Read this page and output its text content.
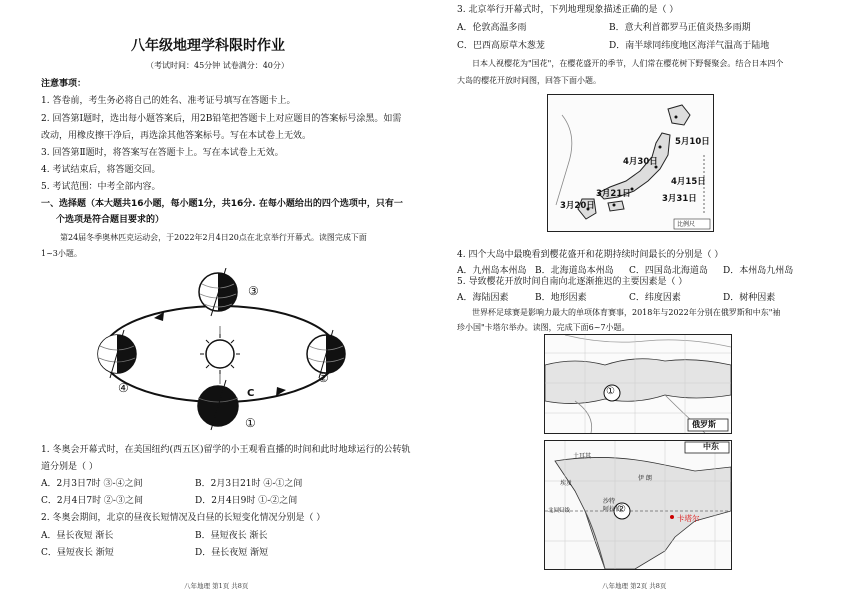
八年级地理学科限时作业
（考试时间：45分钟 试卷满分：40分）
注意事项：
1. 答卷前，考生务必将自己的姓名、准考证号填写在答题卡上。
2. 回答第Ⅰ题时，选出每小题答案后，用2B铅笔把答题卡上对应题目的答案标号涂黑。如需
改动，用橡皮擦干净后，再选涂其他答案标号。写在本试卷上无效。
3. 回答第Ⅱ题时，将答案写在答题卡上。写在本试卷上无效。
4. 考试结束后，将答题交回。
5. 考试范围：中考全部内容。
一、选择题（本大题共16小题，每小题1分，共16分. 在每小题给出的四个选项中，只有一
个选项是符合题目要求的）
第24届冬季奥林匹克运动会，于2022年2月4日20点在北京举行开幕式。读图完成下面
1~3小题。
③
②
④
①
C
1. 冬奥会开幕式时，在美国纽约(西五区)留学的小王观看直播的时间和此时地球运行的公转轨
道分别是（ ）
A．2月3日7时 ③-④之间	B．2月3日21时 ④-①之间
C．2月4日7时 ②-③之间	D．2月4日9时 ①-②之间
2. 冬奥会期间，北京的昼夜长短情况及白昼的长短变化情况分别是（ ）
A．昼长夜短 渐长	B．昼短夜长 渐长
C．昼短夜长 渐短	D．昼长夜短 渐短
八年地理 第1页 共8页
3. 北京举行开幕式时，下列地理现象描述正确的是（ ）
A．伦敦高温多雨	B．意大利首都罗马正值炎热多雨期
C．巴西高原草木葱茏	D．南半球同纬度地区海洋气温高于陆地
日本人视樱花为"国花"，在樱花盛开的季节，人们常在樱花树下野餐聚会。结合日本四个
大岛的樱花开放时间图，回答下面小题。
5月10日
4月30日
4月15日
3月21日	3月31日
3月20日
比例尺
4. 四个大岛中最晚看到樱花盛开和花期持续时间最长的分别是（ ）
A．九州岛本州岛 B．北海道岛本州岛 C．四国岛北海道岛 D．本州岛九州岛
5. 导致樱花开放时间自南向北逐渐推迟的主要因素是（ ）
A．海陆因素	B．地形因素	C．纬度因素	D．树种因素
世界杯足球赛是影响力最大的单项体育赛事，2018年与2022年分别在俄罗斯和中东"袖
珍小国"卡塔尔举办。读图，完成下面6~7小题。
①
俄罗斯
中东
②
卡塔尔
土耳其
伊 朗
沙特
阿拉伯
北回归线
埃及
八年地理 第2页 共8页
